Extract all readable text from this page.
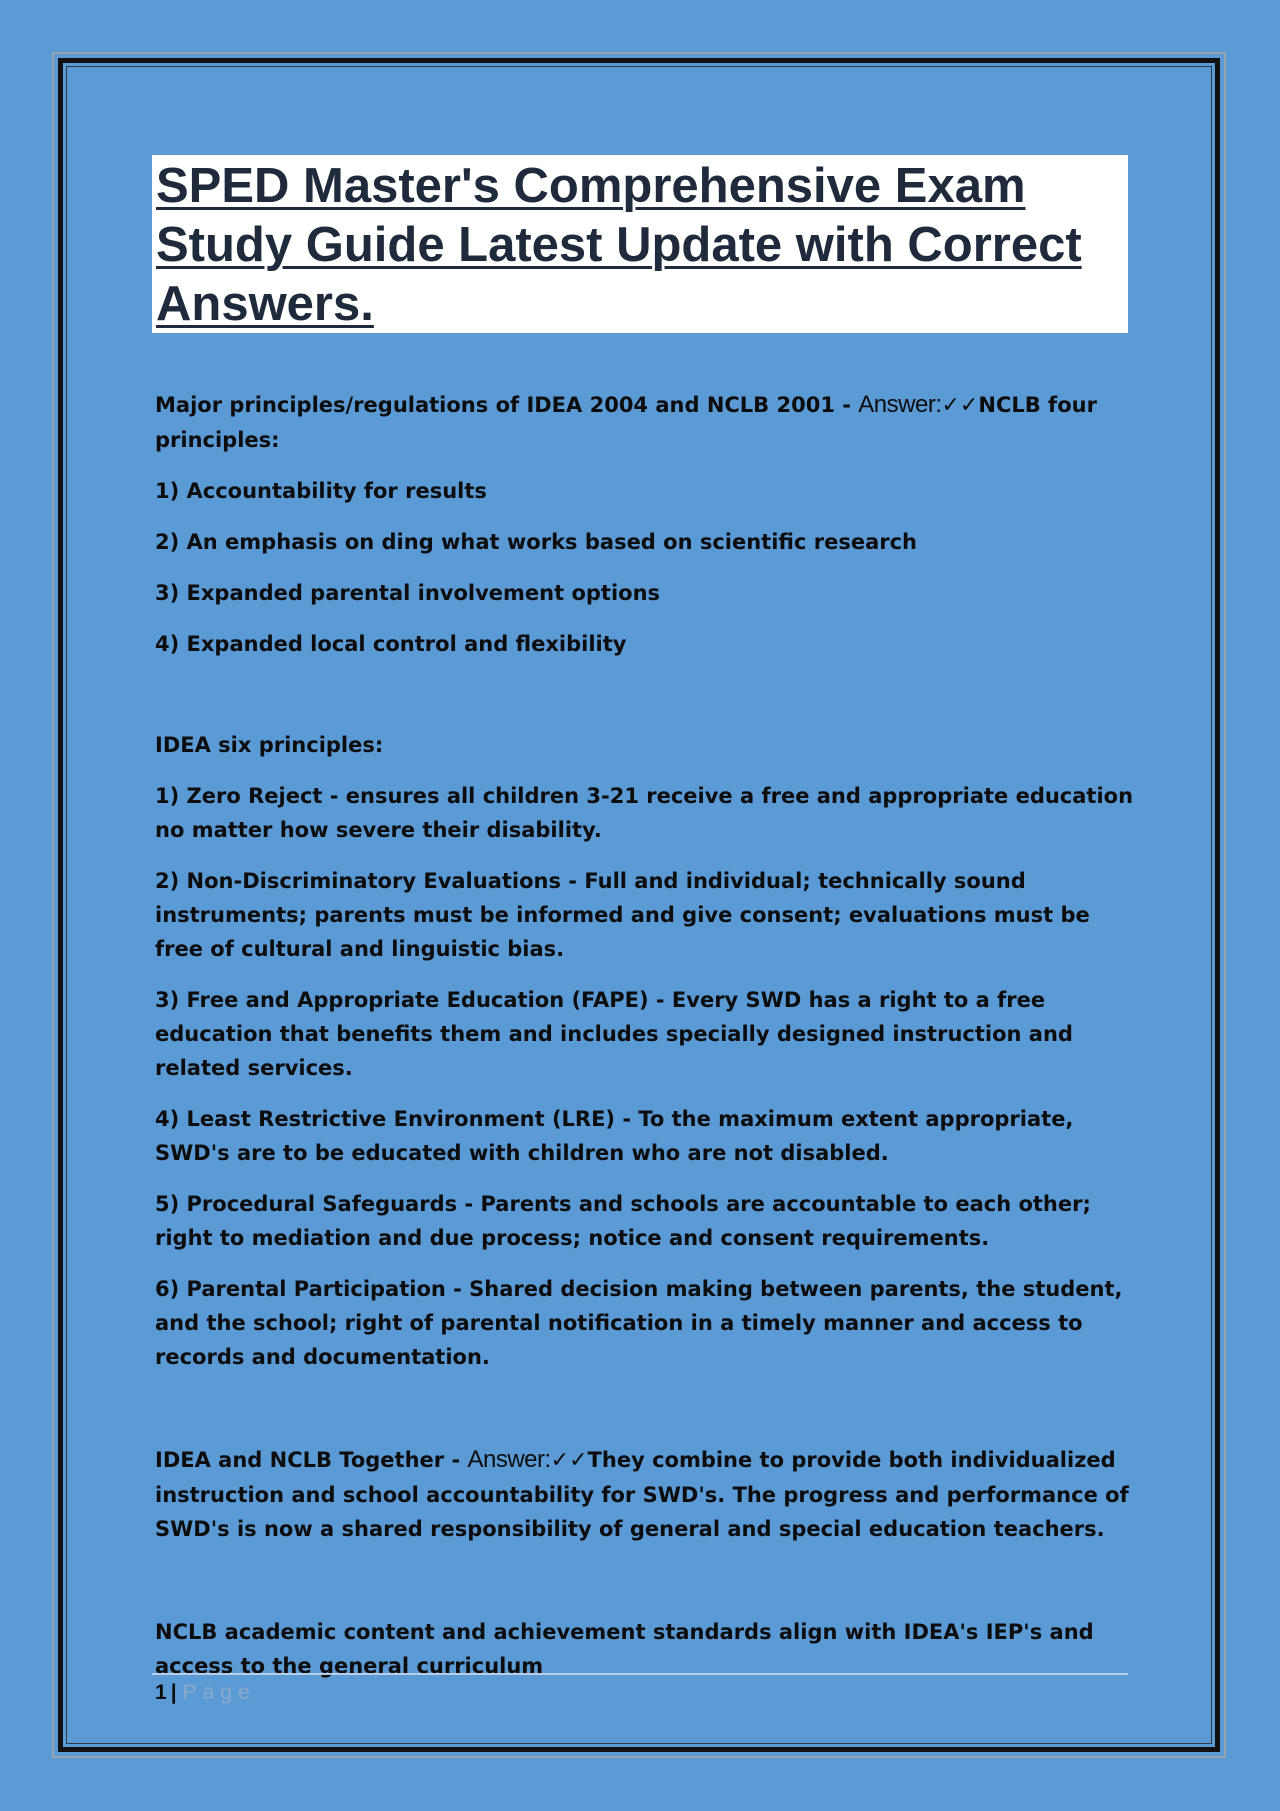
SPED Master's Comprehensive Exam Study Guide Latest Update with Correct Answers.

Major principles/regulations of IDEA 2004 and NCLB 2001 - Answer:✓✓NCLB four principles:

1) Accountability for results

2) An emphasis on ding what works based on scientific research

3) Expanded parental involvement options

4) Expanded local control and flexibility

IDEA six principles:

1) Zero Reject - ensures all children 3-21 receive a free and appropriate education no matter how severe their disability.

2) Non-Discriminatory Evaluations - Full and individual; technically sound instruments; parents must be informed and give consent; evaluations must be free of cultural and linguistic bias.

3) Free and Appropriate Education (FAPE) - Every SWD has a right to a free education that benefits them and includes specially designed instruction and related services.

4) Least Restrictive Environment (LRE) - To the maximum extent appropriate, SWD's are to be educated with children who are not disabled.

5) Procedural Safeguards - Parents and schools are accountable to each other; right to mediation and due process; notice and consent requirements.

6) Parental Participation - Shared decision making between parents, the student, and the school; right of parental notification in a timely manner and access to records and documentation.

IDEA and NCLB Together - Answer:✓✓They combine to provide both individualized instruction and school accountability for SWD's. The progress and performance of SWD's is now a shared responsibility of general and special education teachers.

NCLB academic content and achievement standards align with IDEA's IEP's and access to the general curriculum

1 | Page
